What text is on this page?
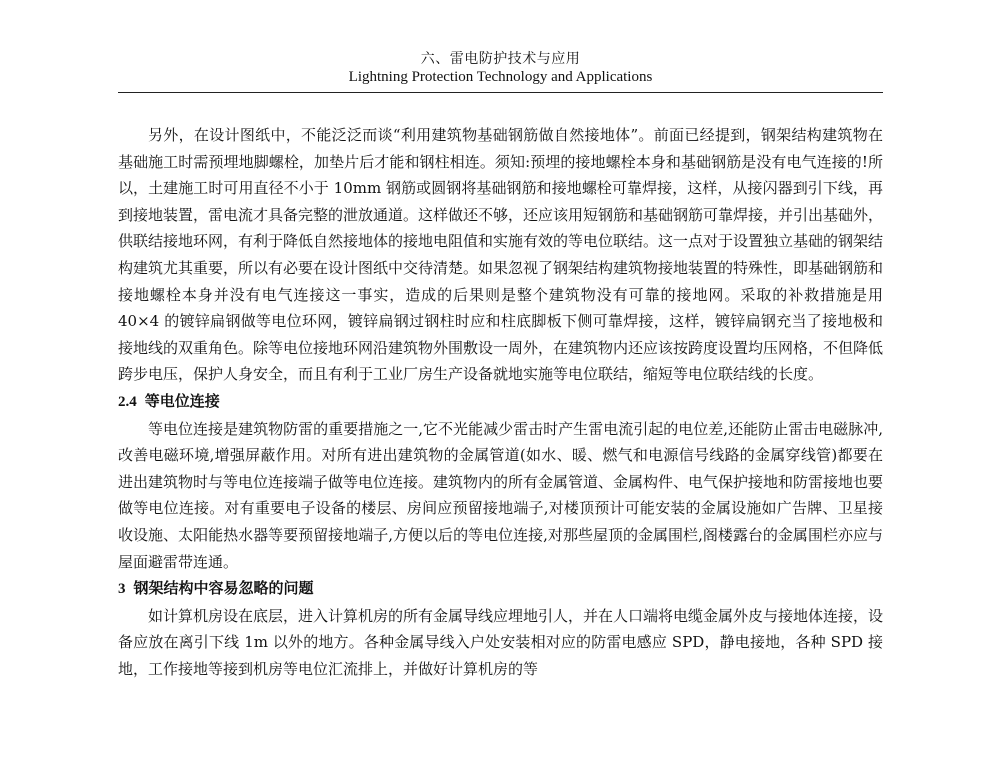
六、雷电防护技术与应用
Lightning Protection Technology and Applications

另外，在设计图纸中，不能泛泛而谈“利用建筑物基础钢筋做自然接地体”。前面已经提到，钢架结构建筑物在基础施工时需预埋地脚螺栓，加垫片后才能和钢柱相连。须知:预埋的接地螺栓本身和基础钢筋是没有电气连接的!所以，土建施工时可用直径不小于 10mm 钢筋或圆钢将基础钢筋和接地螺栓可靠焊接，这样，从接闪器到引下线，再到接地装置，雷电流才具备完整的泄放通道。这样做还不够，还应该用短钢筋和基础钢筋可靠焊接，并引出基础外，供联结接地环网，有利于降低自然接地体的接地电阻值和实施有效的等电位联结。这一点对于设置独立基础的钢架结构建筑尤其重要，所以有必要在设计图纸中交待清楚。如果忽视了钢架结构建筑物接地装置的特殊性，即基础钢筋和接地螺栓本身并没有电气连接这一事实，造成的后果则是整个建筑物没有可靠的接地网。采取的补救措施是用 40×4 的镀锌扁钢做等电位环网，镀锌扁钢过钢柱时应和柱底脚板下侧可靠焊接，这样，镀锌扁钢充当了接地极和接地线的双重角色。除等电位接地环网沿建筑物外围敷设一周外，在建筑物内还应该按跨度设置均压网格，不但降低跨步电压，保护人身安全，而且有利于工业厂房生产设备就地实施等电位联结，缩短等电位联结线的长度。

2.4 等电位连接

等电位连接是建筑物防雷的重要措施之一,它不光能减少雷击时产生雷电流引起的电位差,还能防止雷击电磁脉冲,改善电磁环境,增强屏蔽作用。对所有进出建筑物的金属管道(如水、暖、燃气和电源信号线路的金属穿线管)都要在进出建筑物时与等电位连接端子做等电位连接。建筑物内的所有金属管道、金属构件、电气保护接地和防雷接地也要做等电位连接。对有重要电子设备的楼层、房间应预留接地端子,对楼顶预计可能安装的金属设施如广告牌、卫星接收设施、太阳能热水器等要预留接地端子,方便以后的等电位连接,对那些屋顶的金属围栏,阁楼露台的金属围栏亦应与屋面避雷带连通。

3 钢架结构中容易忽略的问题

如计算机房设在底层，进入计算机房的所有金属导线应埋地引人，并在人口端将电缆金属外皮与接地体连接，设备应放在离引下线 1m 以外的地方。各种金属导线入户处安装相对应的防雷电感应 SPD，静电接地，各种 SPD 接地，工作接地等接到机房等电位汇流排上，并做好计算机房的等
